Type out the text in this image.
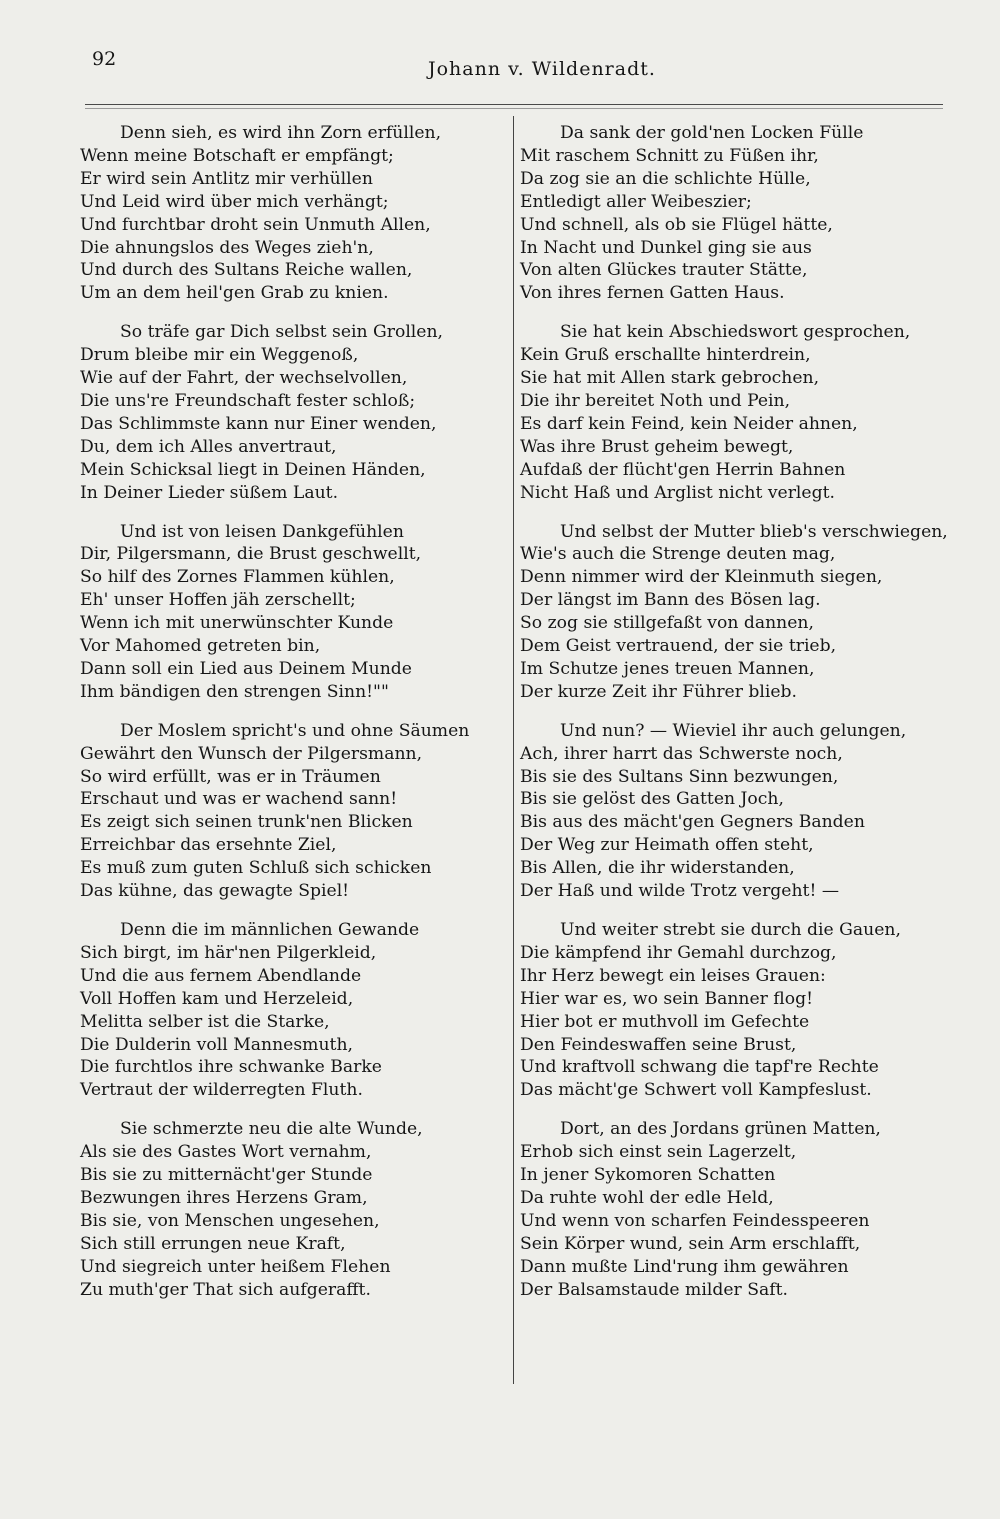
92	Johann v. Wildenradt.
Denn sieh, es wird ihn Zorn erfüllen,
Wenn meine Botschaft er empfängt;
Er wird sein Antlitz mir verhüllen
Und Leid wird über mich verhängt;
Und furchtbar droht sein Unmuth Allen,
Die ahnungslos des Weges zieh'n,
Und durch des Sultans Reiche wallen,
Um an dem heil'gen Grab zu knien.
So träfe gar Dich selbst sein Grollen,
Drum bleibe mir ein Weggenoß,
Wie auf der Fahrt, der wechselvollen,
Die uns're Freundschaft fester schloß;
Das Schlimmste kann nur Einer wenden,
Du, dem ich Alles anvertraut,
Mein Schicksal liegt in Deinen Händen,
In Deiner Lieder süßem Laut.
Und ist von leisen Dankgefühlen
Dir, Pilgersmann, die Brust geschwellt,
So hilf des Zornes Flammen kühlen,
Eh' unser Hoffen jäh zerschellt;
Wenn ich mit unerwünschter Kunde
Vor Mahomed getreten bin,
Dann soll ein Lied aus Deinem Munde
Ihm bändigen den strengen Sinn!""
Der Moslem spricht's und ohne Säumen
Gewährt den Wunsch der Pilgersmann,
So wird erfüllt, was er in Träumen
Erschaut und was er wachend sann!
Es zeigt sich seinen trunk'nen Blicken
Erreichbar das ersehnte Ziel,
Es muß zum guten Schluß sich schicken
Das kühne, das gewagte Spiel!
Denn die im männlichen Gewande
Sich birgt, im här'nen Pilgerkleid,
Und die aus fernem Abendlande
Voll Hoffen kam und Herzeleid,
Melitta selber ist die Starke,
Die Dulderin voll Mannesmuth,
Die furchtlos ihre schwanke Barke
Vertraut der wilderregten Fluth.
Sie schmerzte neu die alte Wunde,
Als sie des Gastes Wort vernahm,
Bis sie zu mitternächt'ger Stunde
Bezwungen ihres Herzens Gram,
Bis sie, von Menschen ungesehen,
Sich still errungen neue Kraft,
Und siegreich unter heißem Flehen
Zu muth'ger That sich aufgerafft.
Da sank der gold'nen Locken Fülle
Mit raschem Schnitt zu Füßen ihr,
Da zog sie an die schlichte Hülle,
Entledigt aller Weibeszier;
Und schnell, als ob sie Flügel hätte,
In Nacht und Dunkel ging sie aus
Von alten Glückes trauter Stätte,
Von ihres fernen Gatten Haus.
Sie hat kein Abschiedswort gesprochen,
Kein Gruß erschallte hinterdrein,
Sie hat mit Allen stark gebrochen,
Die ihr bereitet Noth und Pein,
Es darf kein Feind, kein Neider ahnen,
Was ihre Brust geheim bewegt,
Aufdaß der flücht'gen Herrin Bahnen
Nicht Haß und Arglist nicht verlegt.
Und selbst der Mutter blieb's verschwiegen,
Wie's auch die Strenge deuten mag,
Denn nimmer wird der Kleinmuth siegen,
Der längst im Bann des Bösen lag.
So zog sie stillgefaßt von dannen,
Dem Geist vertrauend, der sie trieb,
Im Schutze jenes treuen Mannen,
Der kurze Zeit ihr Führer blieb.
Und nun? — Wieviel ihr auch gelungen,
Ach, ihrer harrt das Schwerste noch,
Bis sie des Sultans Sinn bezwungen,
Bis sie gelöst des Gatten Joch,
Bis aus des mächt'gen Gegners Banden
Der Weg zur Heimath offen steht,
Bis Allen, die ihr widerstanden,
Der Haß und wilde Trotz vergeht! —
Und weiter strebt sie durch die Gauen,
Die kämpfend ihr Gemahl durchzog,
Ihr Herz bewegt ein leises Grauen:
Hier war es, wo sein Banner flog!
Hier bot er muthvoll im Gefechte
Den Feindeswaffen seine Brust,
Und kraftvoll schwang die tapf're Rechte
Das mächt'ge Schwert voll Kampfeslust.
Dort, an des Jordans grünen Matten,
Erhob sich einst sein Lagerzelt,
In jener Sykomoren Schatten
Da ruhte wohl der edle Held,
Und wenn von scharfen Feindesspeeren
Sein Körper wund, sein Arm erschlafft,
Dann mußte Lind'rung ihm gewähren
Der Balsamstaude milder Saft.
